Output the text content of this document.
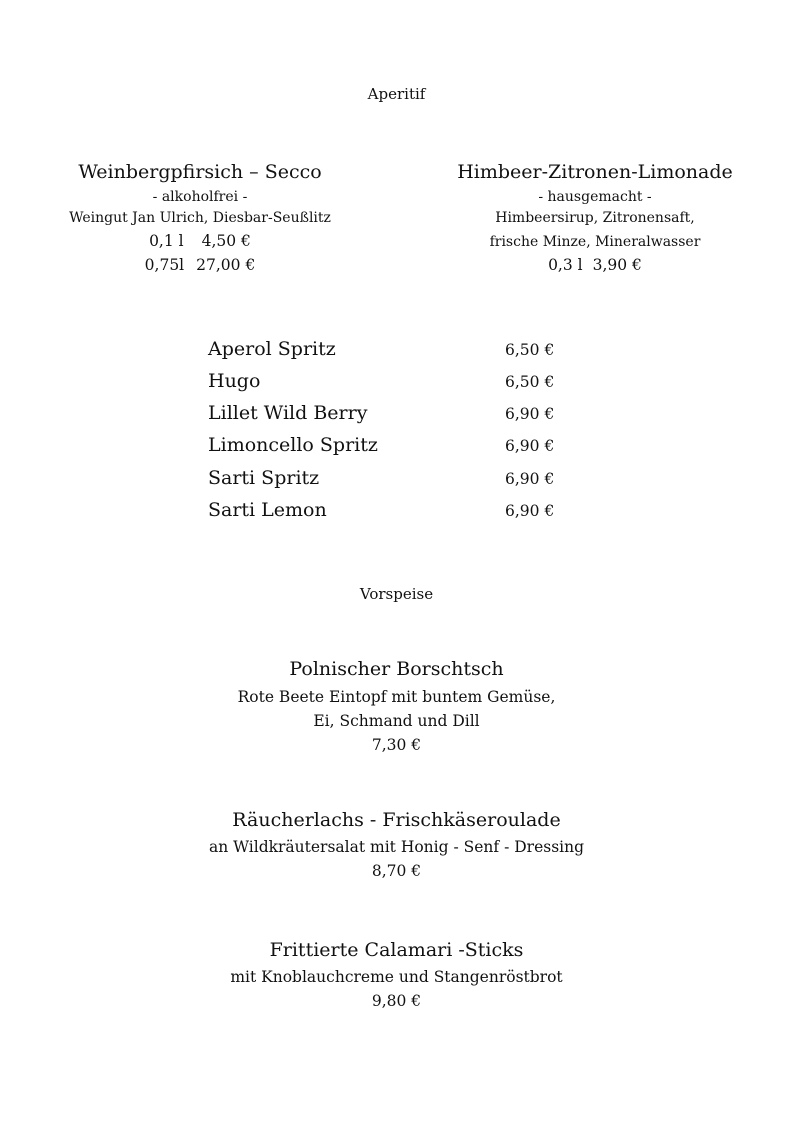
Aperitif
Weinbergpfirsich – Secco
- alkoholfrei -
Weingut Jan Ulrich, Diesbar-Seußlitz
0,1 l 4,50 €
0,75l 27,00 €
Himbeer-Zitronen-Limonade
- hausgemacht -
Himbeersirup, Zitronensaft,
frische Minze, Mineralwasser
0,3 l 3,90 €
Aperol Spritz	6,50 €
Hugo	6,50 €
Lillet Wild Berry	6,90 €
Limoncello Spritz	6,90 €
Sarti Spritz	6,90 €
Sarti Lemon	6,90 €
Vorspeise
Polnischer Borschtsch
Rote Beete Eintopf mit buntem Gemüse,
Ei, Schmand und Dill
7,30 €
Räucherlachs - Frischkäseroulade
an Wildkräutersalat mit Honig - Senf - Dressing
8,70 €
Frittierte Calamari -Sticks
mit Knoblauchcreme und Stangenröstbrot
9,80 €
